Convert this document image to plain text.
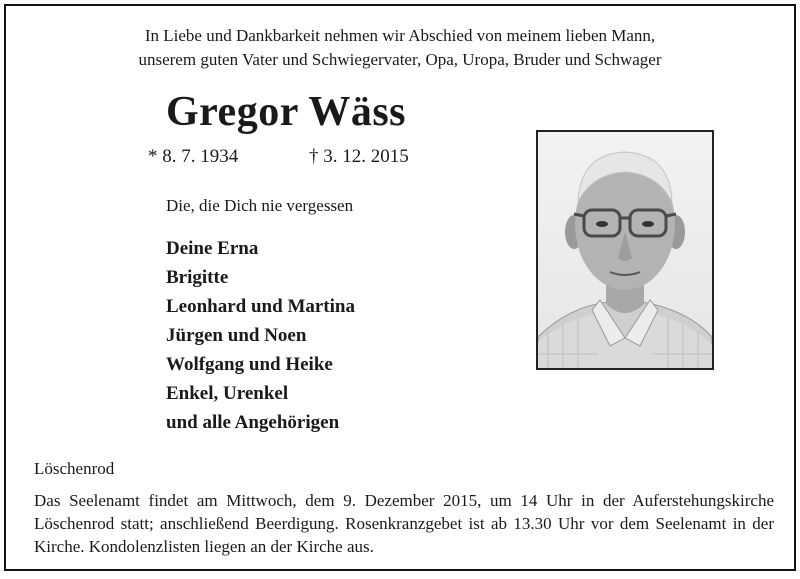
In Liebe und Dankbarkeit nehmen wir Abschied von meinem lieben Mann,
unserem guten Vater und Schwiegervater, Opa, Uropa, Bruder und Schwager
Gregor Wäss
* 8. 7. 1934	† 3. 12. 2015
Die, die Dich nie vergessen
Deine Erna
Brigitte
Leonhard und Martina
Jürgen und Noen
Wolfgang und Heike
Enkel, Urenkel
und alle Angehörigen
Löschenrod
Das Seelenamt findet am Mittwoch, dem 9. Dezember 2015, um 14 Uhr in der Auferstehungskirche Löschenrod statt; anschließend Beerdigung. Rosenkranzgebet ist ab 13.30 Uhr vor dem Seelenamt in der Kirche. Kondolenzlisten liegen an der Kirche aus.
